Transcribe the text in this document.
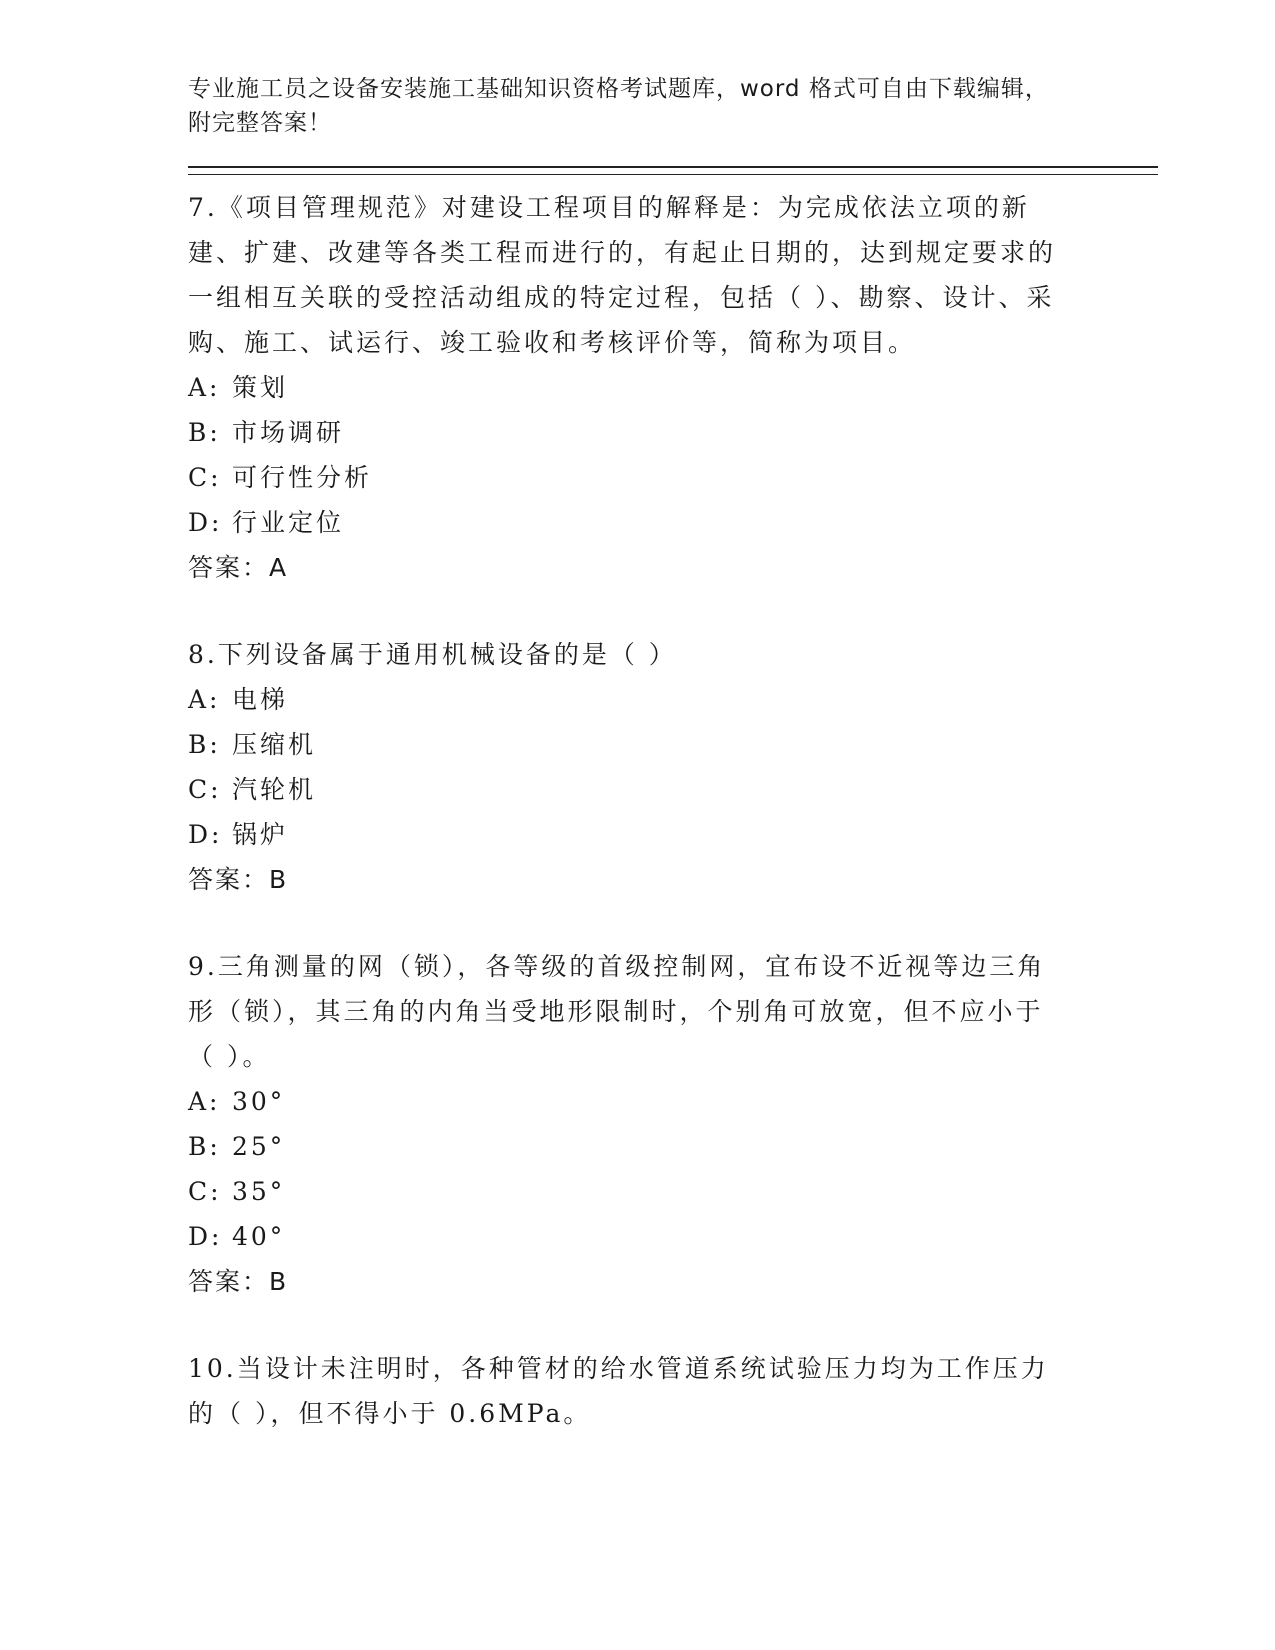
专业施工员之设备安装施工基础知识资格考试题库，word 格式可自由下载编辑，附完整答案！

7.《项目管理规范》对建设工程项目的解释是：为完成依法立项的新建、扩建、改建等各类工程而进行的，有起止日期的，达到规定要求的一组相互关联的受控活动组成的特定过程，包括（ ）、勘察、设计、采购、施工、试运行、竣工验收和考核评价等，简称为项目。

A: 策划
B: 市场调研
C: 可行性分析
D: 行业定位
答案：A

8.下列设备属于通用机械设备的是（ ）

A: 电梯
B: 压缩机
C: 汽轮机
D: 锅炉
答案：B

9.三角测量的网（锁），各等级的首级控制网，宜布设不近视等边三角形（锁），其三角的内角当受地形限制时，个别角可放宽，但不应小于（ ）。

A: 30°
B: 25°
C: 35°
D: 40°
答案：B

10.当设计未注明时，各种管材的给水管道系统试验压力均为工作压力的（ ），但不得小于 0.6MPa。
